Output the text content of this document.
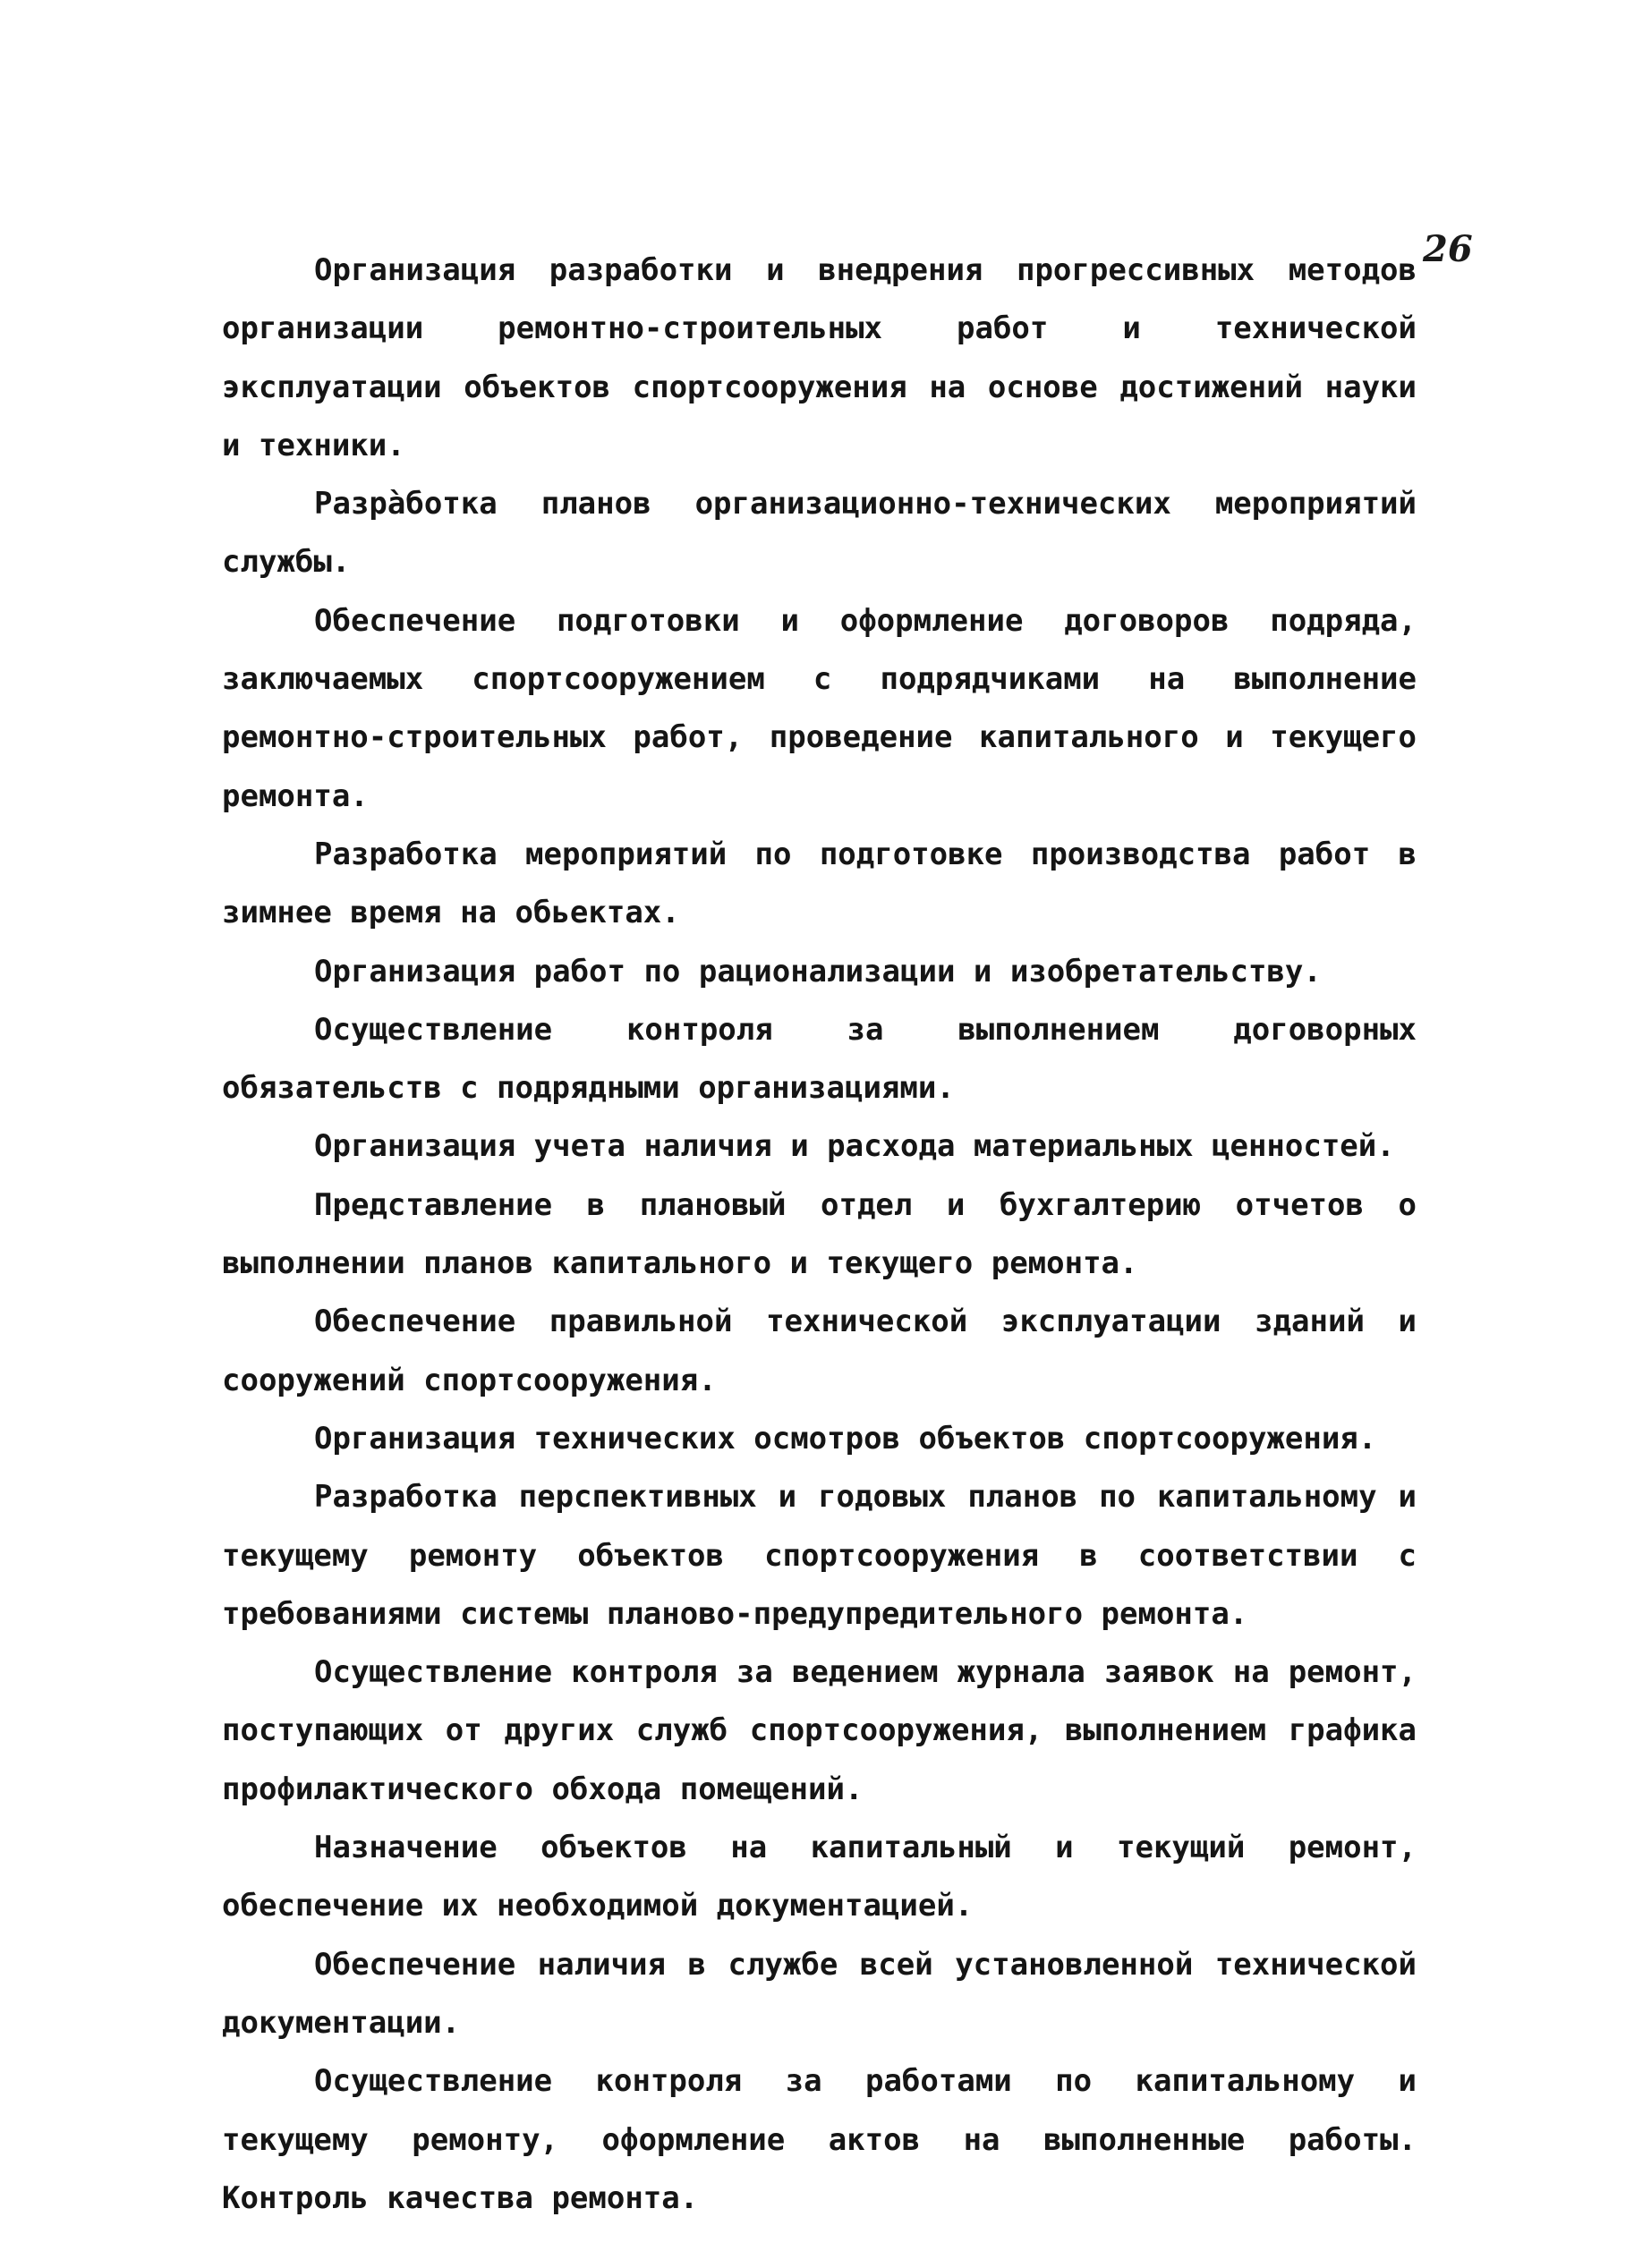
26

Организация разработки и внедрения прогрессивных методов организации ремонтно-строительных работ и технической эксплуатации объектов спортсооружения на основе достижений науки и техники.

Разрàботка планов организационно-технических мероприятий службы.

Обеспечение подготовки и оформление договоров подряда, заключаемых спортсооружением с подрядчиками на выполнение ремонтно-строительных работ, проведение капитального и текущего ремонта.

Разработка мероприятий по подготовке производства работ в зимнее время на обьектах.

Организация работ по рационализации и изобретательству.

Осуществление контроля за выполнением договорных обязательств с подрядными организациями.

Организация учета наличия и расхода материальных ценностей.

Представление в плановый отдел и бухгалтерию отчетов о выполнении планов капитального и текущего ремонта.

Обеспечение правильной технической эксплуатации зданий и сооружений спортсооружения.

Организация технических осмотров объектов спортсооружения.

Разработка перспективных и годовых планов по капитальному и текущему ремонту объектов спортсооружения в соответствии с требованиями системы планово-предупредительного ремонта.

Осуществление контроля за ведением журнала заявок на ремонт, поступающих от других служб спортсооружения, выполнением графика профилактического обхода помещений.

Назначение объектов на капитальный и текущий ремонт, обеспечение их необходимой документацией.

Обеспечение наличия в службе всей установленной технической документации.

Осуществление контроля за работами по капитальному и текущему ремонту, оформление актов на выполненные работы. Контроль качества ремонта.
